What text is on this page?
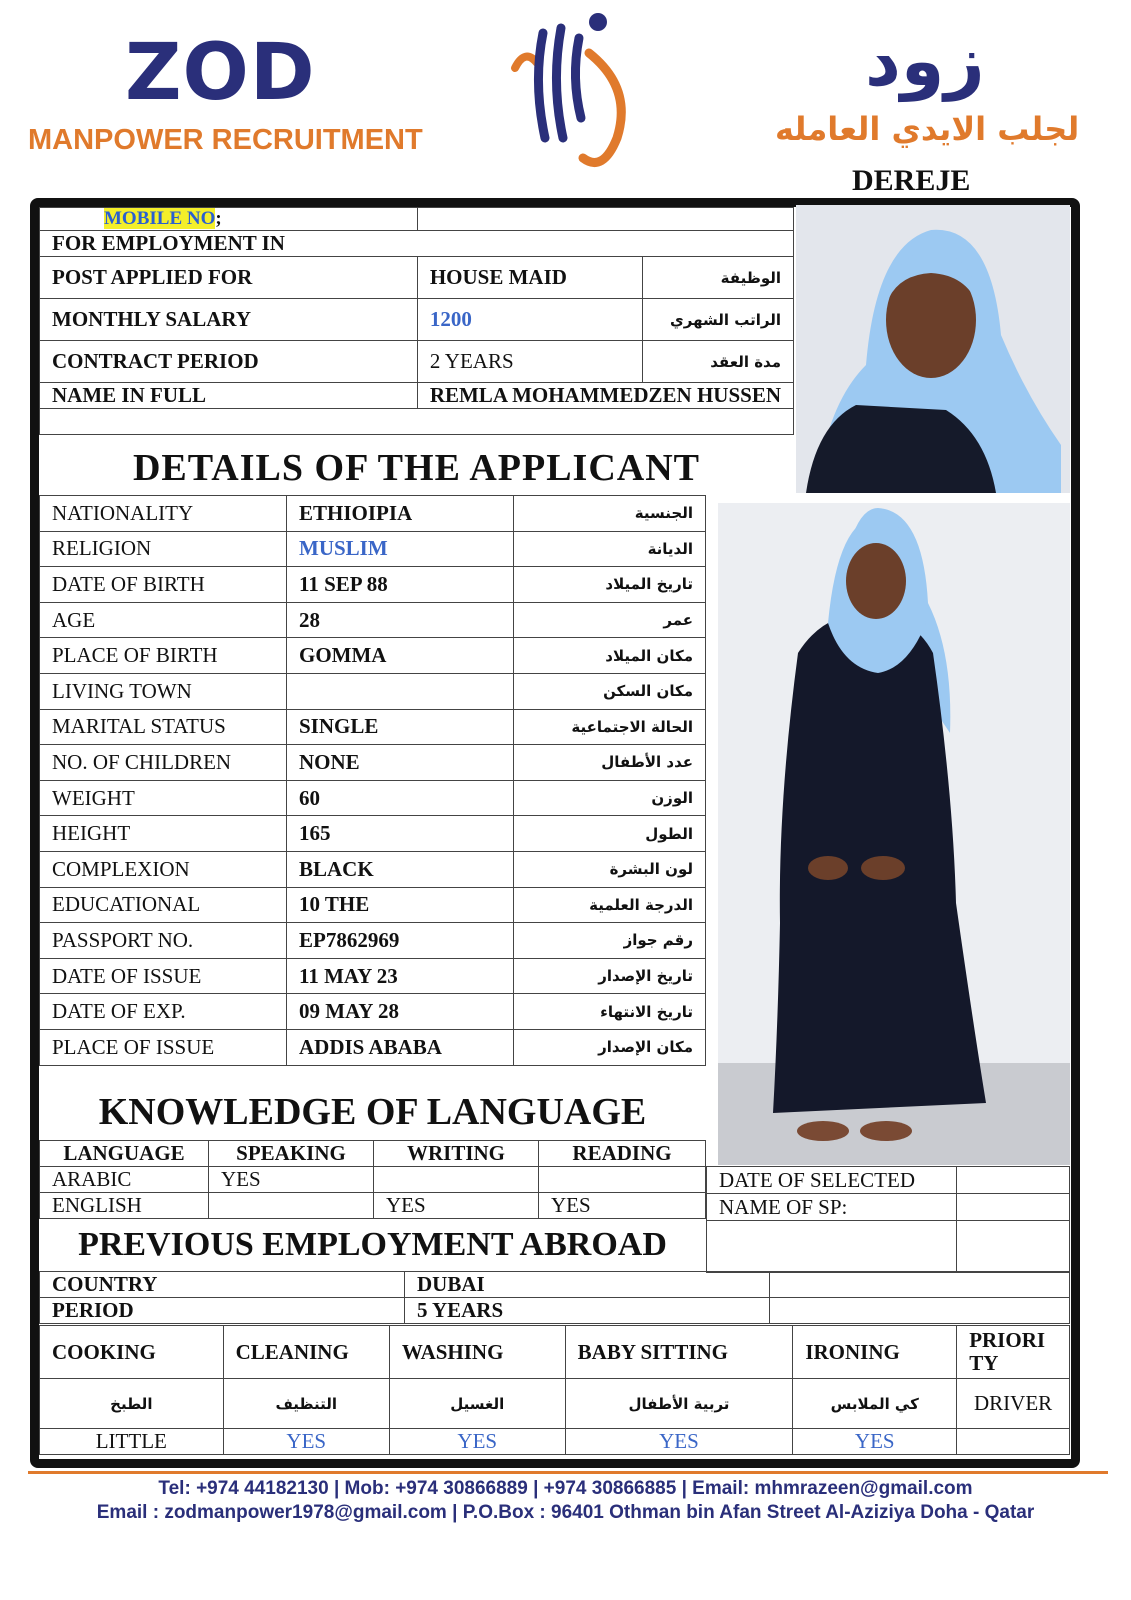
ZOD
MANPOWER RECRUITMENT
زود
لجلب الايدي العامله
DEREJE
MOBILE NO;		
FOR EMPLOYMENT IN		
POST APPLIED FOR	HOUSE MAID	الوظيفة
MONTHLY SALARY	1200	الراتب الشهري
CONTRACT PERIOD	2 YEARS	مدة العقد
NAME IN FULL	REMLA MOHAMMEDZEN HUSSEN	

DETAILS OF THE APPLICANT
NATIONALITY	ETHIOIPIA	الجنسية
RELIGION	MUSLIM	الديانة
DATE OF BIRTH	11 SEP 88	تاريخ الميلاد
AGE	28	عمر
PLACE OF BIRTH	GOMMA	مكان الميلاد
LIVING TOWN		مكان السكن
MARITAL STATUS	SINGLE	الحالة الاجتماعية
NO. OF CHILDREN	NONE	عدد الأطفال
WEIGHT	60	الوزن
HEIGHT	165	الطول
COMPLEXION	BLACK	لون البشرة
EDUCATIONAL	10 THE	الدرجة العلمية
PASSPORT NO.	EP7862969	رقم جواز
DATE OF ISSUE	11 MAY 23	تاريخ الإصدار
DATE OF EXP.	09 MAY 28	تاريخ الانتهاء
PLACE OF ISSUE	ADDIS ABABA	مكان الإصدار
KNOWLEDGE OF LANGUAGE
LANGUAGE	SPEAKING	WRITING	READING
ARABIC	YES		
ENGLISH		YES	YES
DATE OF SELECTED	
NAME OF SP:	

PREVIOUS EMPLOYMENT ABROAD
COUNTRY	DUBAI	
PERIOD	5 YEARS	
COOKING	CLEANING	WASHING	BABY SITTING	IRONING	PRIORI TY
الطبخ	التنظيف	الغسيل	تربية الأطفال	كي الملابس	DRIVER
LITTLE	YES	YES	YES	YES	
Tel: +974 44182130 | Mob: +974 30866889 | +974 30866885 | Email: mhmrazeen@gmail.com
Email : zodmanpower1978@gmail.com | P.O.Box : 96401 Othman bin Afan Street Al-Aziziya Doha - Qatar
